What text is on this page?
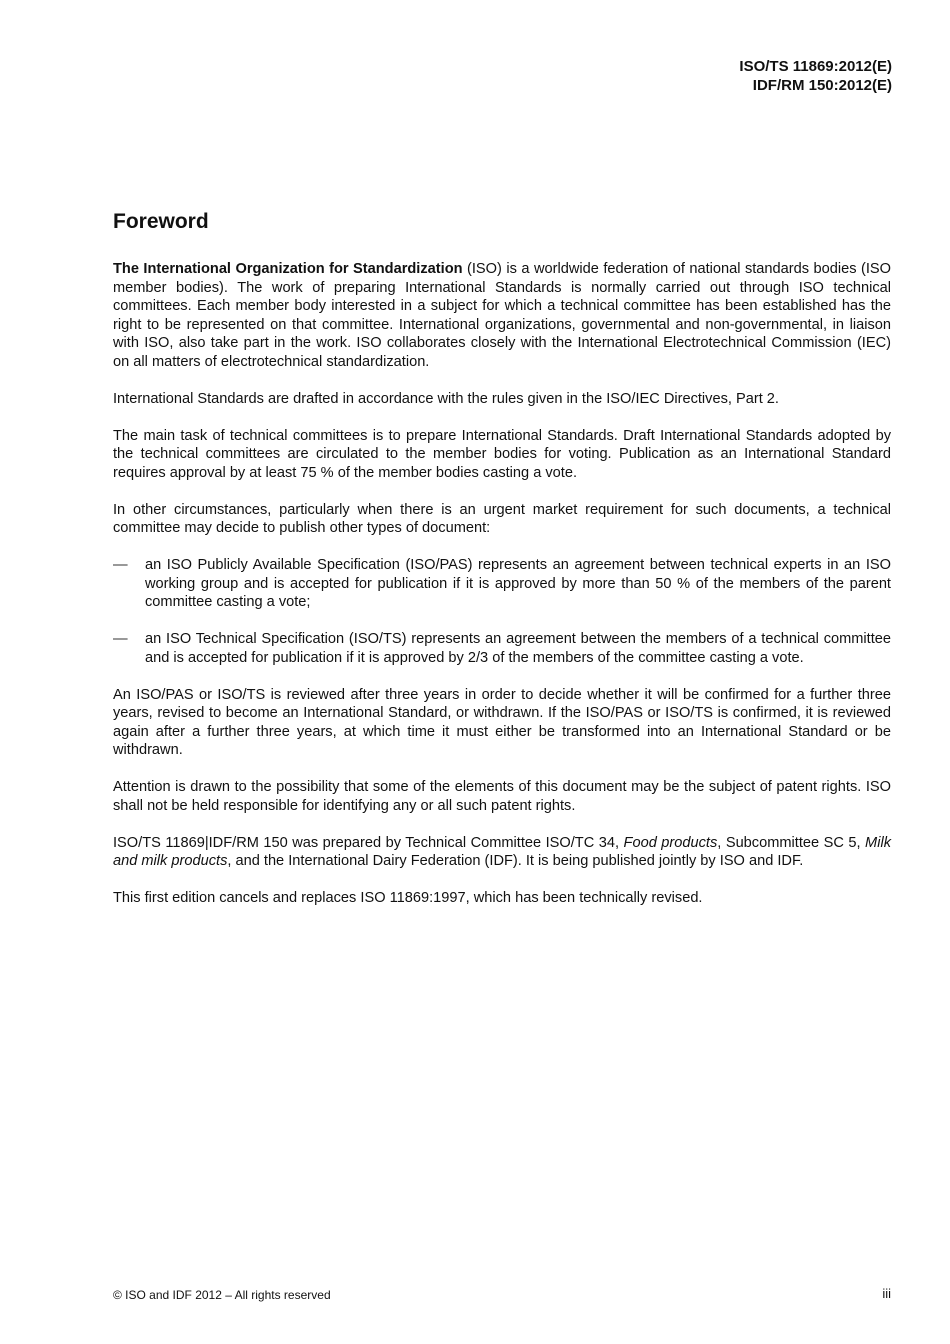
ISO/TS 11869:2012(E)
IDF/RM 150:2012(E)
Foreword

The International Organization for Standardization (ISO) is a worldwide federation of national standards bodies (ISO member bodies). The work of preparing International Standards is normally carried out through ISO technical committees. Each member body interested in a subject for which a technical committee has been established has the right to be represented on that committee. International organizations, governmental and non-governmental, in liaison with ISO, also take part in the work. ISO collaborates closely with the International Electrotechnical Commission (IEC) on all matters of electrotechnical standardization.

International Standards are drafted in accordance with the rules given in the ISO/IEC Directives, Part 2.

The main task of technical committees is to prepare International Standards. Draft International Standards adopted by the technical committees are circulated to the member bodies for voting. Publication as an International Standard requires approval by at least 75 % of the member bodies casting a vote.

In other circumstances, particularly when there is an urgent market requirement for such documents, a technical committee may decide to publish other types of document:

— an ISO Publicly Available Specification (ISO/PAS) represents an agreement between technical experts in an ISO working group and is accepted for publication if it is approved by more than 50 % of the members of the parent committee casting a vote;
— an ISO Technical Specification (ISO/TS) represents an agreement between the members of a technical committee and is accepted for publication if it is approved by 2/3 of the members of the committee casting a vote.

An ISO/PAS or ISO/TS is reviewed after three years in order to decide whether it will be confirmed for a further three years, revised to become an International Standard, or withdrawn. If the ISO/PAS or ISO/TS is confirmed, it is reviewed again after a further three years, at which time it must either be transformed into an International Standard or be withdrawn.

Attention is drawn to the possibility that some of the elements of this document may be the subject of patent rights. ISO shall not be held responsible for identifying any or all such patent rights.

ISO/TS 11869|IDF/RM 150 was prepared by Technical Committee ISO/TC 34, Food products, Subcommittee SC 5, Milk and milk products, and the International Dairy Federation (IDF). It is being published jointly by ISO and IDF.

This first edition cancels and replaces ISO 11869:1997, which has been technically revised.

© ISO and IDF 2012 – All rights reserved	iii
